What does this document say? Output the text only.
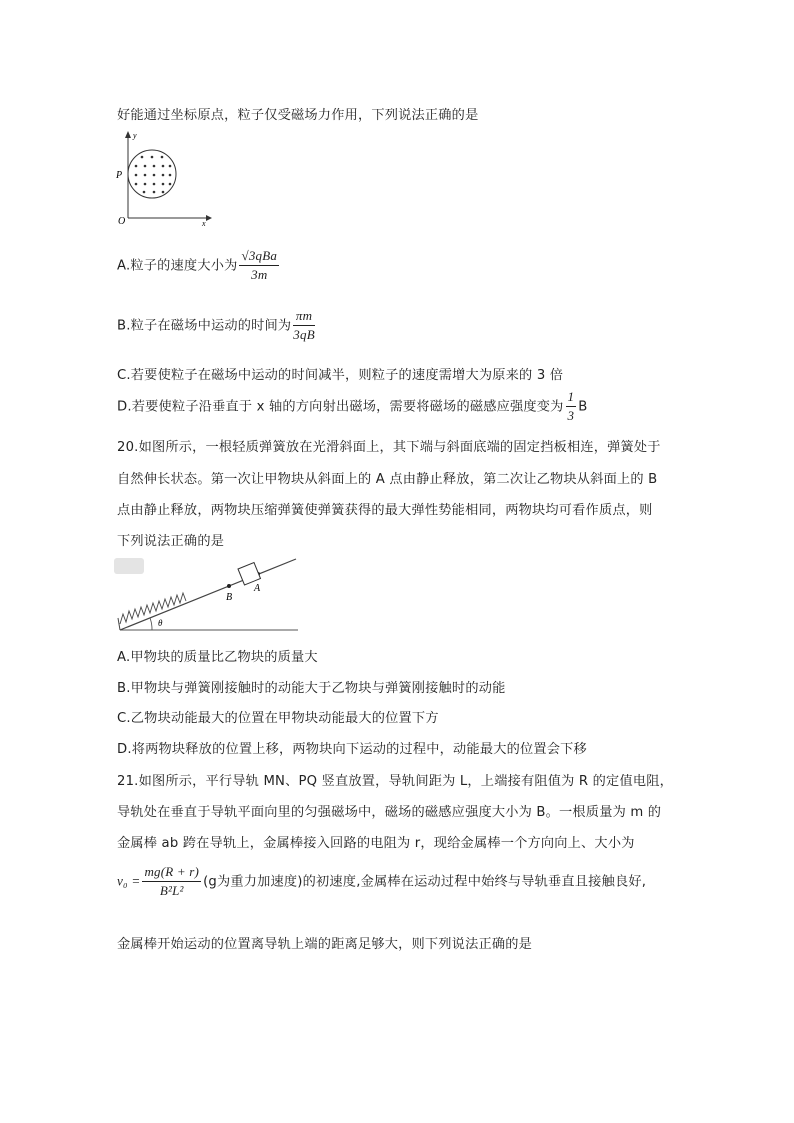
好能通过坐标原点，粒子仅受磁场力作用，下列说法正确的是
y
x
P
O
A.粒子的速度大小为 $\frac{\text{√3qBa}}{3m}$
B.粒子在磁场中运动的时间为 $\frac{\pi m}{3qB}$
C.若要使粒子在磁场中运动的时间减半，则粒子的速度需增大为原来的 3 倍
D.若要使粒子沿垂直于 x 轴的方向射出磁场，需要将磁场的磁感应强度变为 $\frac{1}{3}$ B
20.如图所示，一根轻质弹簧放在光滑斜面上，其下端与斜面底端的固定挡板相连，弹簧处于
自然伸长状态。第一次让甲物块从斜面上的 A 点由静止释放，第二次让乙物块从斜面上的 B
点由静止释放，两物块压缩弹簧使弹簧获得的最大弹性势能相同，两物块均可看作质点，则
下列说法正确的是
θ
B
A
A.甲物块的质量比乙物块的质量大
B.甲物块与弹簧刚接触时的动能大于乙物块与弹簧刚接触时的动能
C.乙物块动能最大的位置在甲物块动能最大的位置下方
D.将两物块释放的位置上移，两物块向下运动的过程中，动能最大的位置会下移
21.如图所示，平行导轨 MN、PQ 竖直放置，导轨间距为 L，上端接有阻值为 R 的定值电阻，
导轨处在垂直于导轨平面向里的匀强磁场中，磁场的磁感应强度大小为 B。一根质量为 m 的
金属棒 ab 跨在导轨上，金属棒接入回路的电阻为 r，现给金属棒一个方向向上、大小为
$v_0 = \frac{mg(R + r)}{\text{B²L²}} (g$为重力加速度)的初速度,金属棒在运动过程中始终与导轨垂直且接触良好,
金属棒开始运动的位置离导轨上端的距离足够大，则下列说法正确的是
